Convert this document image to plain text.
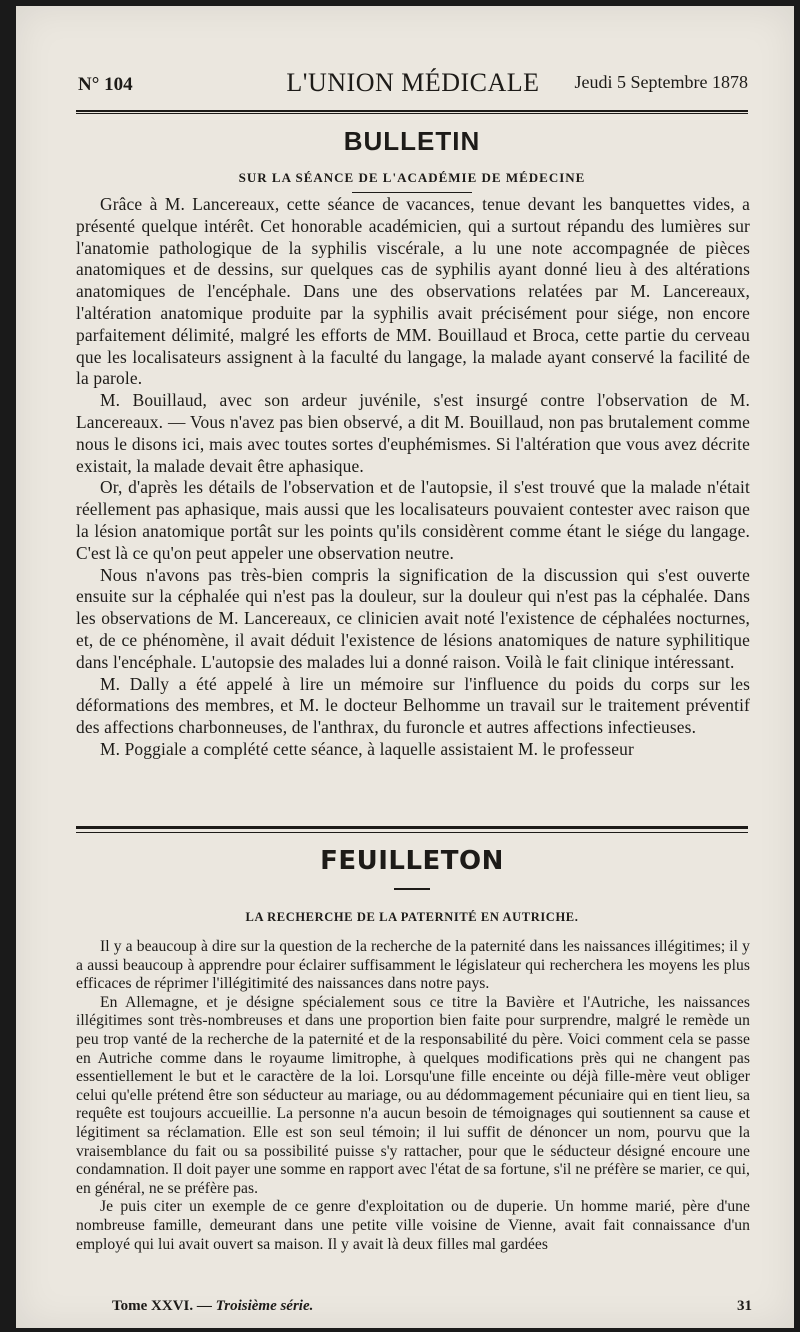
N° 104	L'UNION MÉDICALE	Jeudi 5 Septembre 1878
BULLETIN
SUR LA SÉANCE DE L'ACADÉMIE DE MÉDECINE

Grâce à M. Lancereaux, cette séance de vacances, tenue devant les banquettes vides, a présenté quelque intérêt. Cet honorable académicien, qui a surtout répandu des lumières sur l'anatomie pathologique de la syphilis viscérale, a lu une note accompagnée de pièces anatomiques et de dessins, sur quelques cas de syphilis ayant donné lieu à des altérations anatomiques de l'encéphale. Dans une des observations relatées par M. Lancereaux, l'altération anatomique produite par la syphilis avait précisément pour siége, non encore parfaitement délimité, malgré les efforts de MM. Bouillaud et Broca, cette partie du cerveau que les localisateurs assignent à la faculté du langage, la malade ayant conservé la facilité de la parole.

M. Bouillaud, avec son ardeur juvénile, s'est insurgé contre l'observation de M. Lancereaux. — Vous n'avez pas bien observé, a dit M. Bouillaud, non pas brutalement comme nous le disons ici, mais avec toutes sortes d'euphémismes. Si l'altération que vous avez décrite existait, la malade devait être aphasique.

Or, d'après les détails de l'observation et de l'autopsie, il s'est trouvé que la malade n'était réellement pas aphasique, mais aussi que les localisateurs pouvaient contester avec raison que la lésion anatomique portât sur les points qu'ils considèrent comme étant le siége du langage. C'est là ce qu'on peut appeler une observation neutre.

Nous n'avons pas très-bien compris la signification de la discussion qui s'est ouverte ensuite sur la céphalée qui n'est pas la douleur, sur la douleur qui n'est pas la céphalée. Dans les observations de M. Lancereaux, ce clinicien avait noté l'existence de céphalées nocturnes, et, de ce phénomène, il avait déduit l'existence de lésions anatomiques de nature syphilitique dans l'encéphale. L'autopsie des malades lui a donné raison. Voilà le fait clinique intéressant.

M. Dally a été appelé à lire un mémoire sur l'influence du poids du corps sur les déformations des membres, et M. le docteur Belhomme un travail sur le traitement préventif des affections charbonneuses, de l'anthrax, du furoncle et autres affections infectieuses.

M. Poggiale a complété cette séance, à laquelle assistaient M. le professeur

FEUILLETON
LA RECHERCHE DE LA PATERNITÉ EN AUTRICHE.

Il y a beaucoup à dire sur la question de la recherche de la paternité dans les naissances illégitimes; il y a aussi beaucoup à apprendre pour éclairer suffisamment le législateur qui recherchera les moyens les plus efficaces de réprimer l'illégitimité des naissances dans notre pays.

En Allemagne, et je désigne spécialement sous ce titre la Bavière et l'Autriche, les naissances illégitimes sont très-nombreuses et dans une proportion bien faite pour surprendre, malgré le remède un peu trop vanté de la recherche de la paternité et de la responsabilité du père. Voici comment cela se passe en Autriche comme dans le royaume limitrophe, à quelques modifications près qui ne changent pas essentiellement le but et le caractère de la loi. Lorsqu'une fille enceinte ou déjà fille-mère veut obliger celui qu'elle prétend être son séducteur au mariage, ou au dédommagement pécuniaire qui en tient lieu, sa requête est toujours accueillie. La personne n'a aucun besoin de témoignages qui soutiennent sa cause et légitiment sa réclamation. Elle est son seul témoin; il lui suffit de dénoncer un nom, pourvu que la vraisemblance du fait ou sa possibilité puisse s'y rattacher, pour que le séducteur désigné encoure une condamnation. Il doit payer une somme en rapport avec l'état de sa fortune, s'il ne préfère se marier, ce qui, en général, ne se préfère pas.

Je puis citer un exemple de ce genre d'exploitation ou de duperie. Un homme marié, père d'une nombreuse famille, demeurant dans une petite ville voisine de Vienne, avait fait connaissance d'un employé qui lui avait ouvert sa maison. Il y avait là deux filles mal gardées

Tome XXVI. — Troisième série.	31
